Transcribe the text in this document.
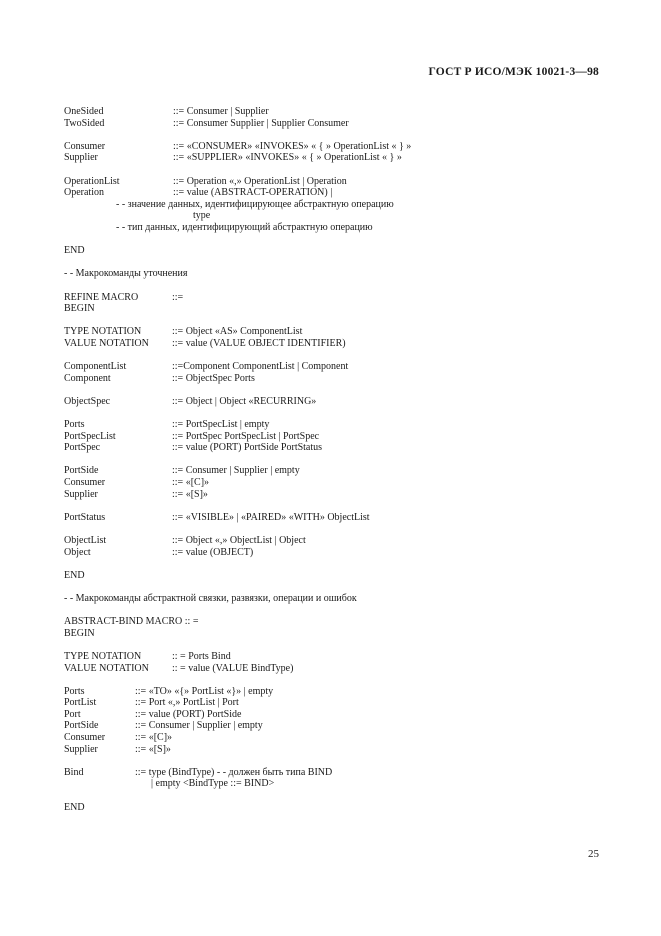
ГОСТ Р ИСО/МЭК 10021-3—98
OneSided	::= Consumer | Supplier
TwoSided	::= Consumer Supplier | Supplier Consumer
Consumer	::= «CONSUMER» «INVOKES» « { » OperationList « } »
Supplier	::= «SUPPLIER» «INVOKES» « { » OperationList « } »
OperationList	::= Operation «,» OperationList | Operation
Operation	::= value (ABSTRACT-OPERATION) |
- - значение данных, идентифицирующее абстрактную операцию
type
- - тип данных, идентифицирующий абстрактную операцию
END
- - Макрокоманды уточнения
REFINE MACRO	::=
BEGIN
TYPE NOTATION	::= Object «AS» ComponentList
VALUE NOTATION ::= value (VALUE OBJECT IDENTIFIER)
ComponentList	::=Component ComponentList | Component
Component	::= ObjectSpec Ports
ObjectSpec	::= Object | Object «RECURRING»
Ports	::= PortSpecList | empty
PortSpecList	::= PortSpec PortSpecList | PortSpec
PortSpec	::= value (PORT) PortSide PortStatus
PortSide	::= Consumer | Supplier | empty
Consumer	::= «[C]»
Supplier	::= «[S]»
PortStatus	::= «VISIBLE» | «PAIRED» «WITH» ObjectList
ObjectList	::= Object «,» ObjectList | Object
Object	::= value (OBJECT)
END
- - Макрокоманды абстрактной связки, развязки, операции и ошибок
ABSTRACT-BIND MACRO :: =
BEGIN
TYPE NOTATION	:: = Ports Bind
VALUE NOTATION :: = value (VALUE BindType)
Ports	::= «TO» «{» PortList «}» | empty
PortList	::= Port «,» PortList | Port
Port	::= value (PORT) PortSide
PortSide	::= Consumer | Supplier | empty
Consumer	::= «[C]»
Supplier	::= «[S]»
Bind	::= type (BindType) - - должен быть типа BIND
| empty <BindType ::= BIND>
END
25
